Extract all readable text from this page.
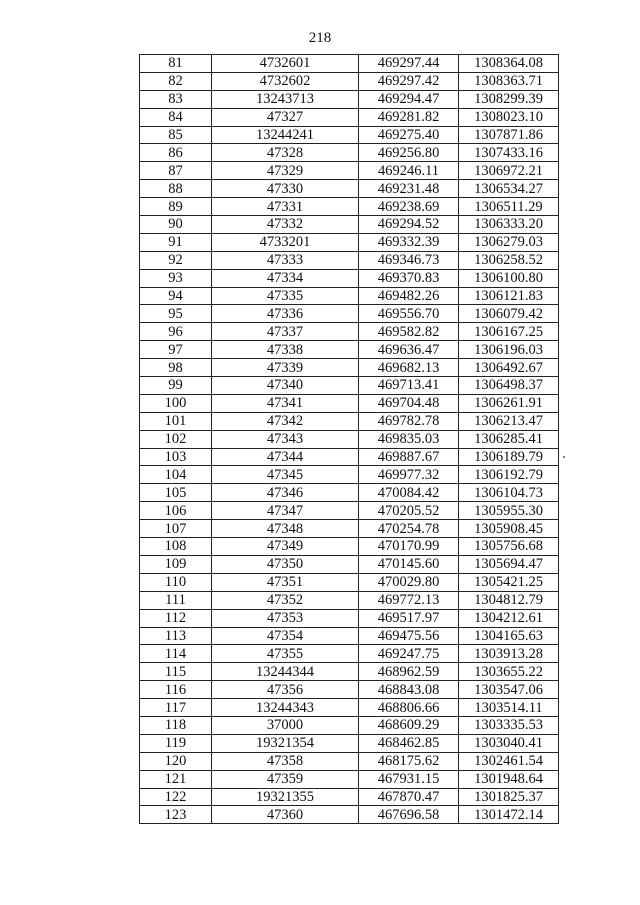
218
81	4732601	469297.44	1308364.08
82	4732602	469297.42	1308363.71
83	13243713	469294.47	1308299.39
84	47327	469281.82	1308023.10
85	13244241	469275.40	1307871.86
86	47328	469256.80	1307433.16
87	47329	469246.11	1306972.21
88	47330	469231.48	1306534.27
89	47331	469238.69	1306511.29
90	47332	469294.52	1306333.20
91	4733201	469332.39	1306279.03
92	47333	469346.73	1306258.52
93	47334	469370.83	1306100.80
94	47335	469482.26	1306121.83
95	47336	469556.70	1306079.42
96	47337	469582.82	1306167.25
97	47338	469636.47	1306196.03
98	47339	469682.13	1306492.67
99	47340	469713.41	1306498.37
100	47341	469704.48	1306261.91
101	47342	469782.78	1306213.47
102	47343	469835.03	1306285.41
103	47344	469887.67	1306189.79
104	47345	469977.32	1306192.79
105	47346	470084.42	1306104.73
106	47347	470205.52	1305955.30
107	47348	470254.78	1305908.45
108	47349	470170.99	1305756.68
109	47350	470145.60	1305694.47
110	47351	470029.80	1305421.25
111	47352	469772.13	1304812.79
112	47353	469517.97	1304212.61
113	47354	469475.56	1304165.63
114	47355	469247.75	1303913.28
115	13244344	468962.59	1303655.22
116	47356	468843.08	1303547.06
117	13244343	468806.66	1303514.11
118	37000	468609.29	1303335.53
119	19321354	468462.85	1303040.41
120	47358	468175.62	1302461.54
121	47359	467931.15	1301948.64
122	19321355	467870.47	1301825.37
123	47360	467696.58	1301472.14
